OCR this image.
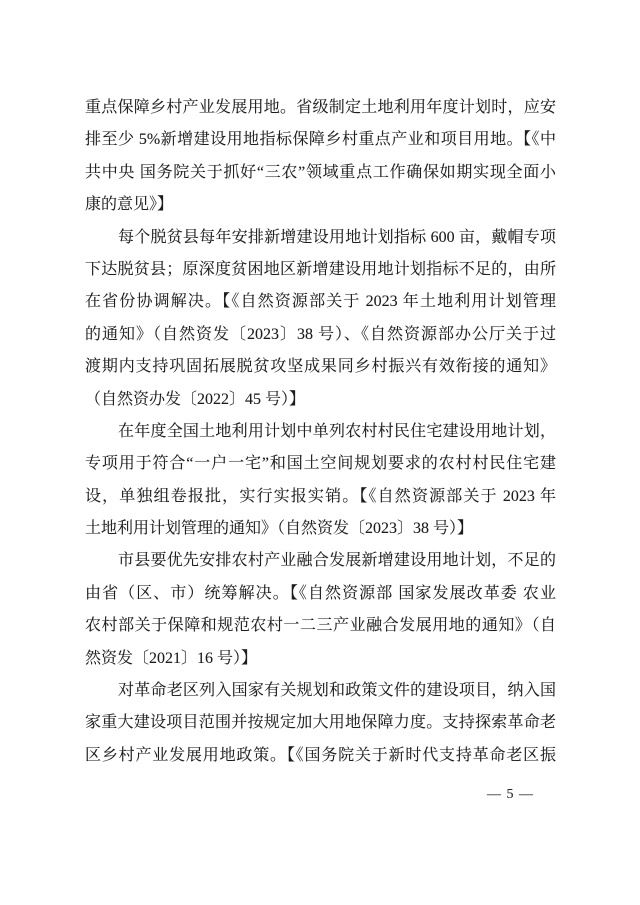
重点保障乡村产业发展用地。省级制定土地利用年度计划时，应安
排至少 5%新增建设用地指标保障乡村重点产业和项目用地。【《中
共中央 国务院关于抓好“三农”领域重点工作确保如期实现全面小
康的意见》】
每个脱贫县每年安排新增建设用地计划指标 600 亩，戴帽专项
下达脱贫县；原深度贫困地区新增建设用地计划指标不足的，由所
在省份协调解决。【《自然资源部关于 2023 年土地利用计划管理
的通知》（自然资发〔2023〕38 号）、《自然资源部办公厅关于过
渡期内支持巩固拓展脱贫攻坚成果同乡村振兴有效衔接的通知》
（自然资办发〔2022〕45 号）】
在年度全国土地利用计划中单列农村村民住宅建设用地计划，
专项用于符合“一户一宅”和国土空间规划要求的农村村民住宅建
设，单独组卷报批，实行实报实销。【《自然资源部关于 2023 年
土地利用计划管理的通知》（自然资发〔2023〕38 号）】
市县要优先安排农村产业融合发展新增建设用地计划，不足的
由省（区、市）统筹解决。【《自然资源部 国家发展改革委 农业
农村部关于保障和规范农村一二三产业融合发展用地的通知》（自
然资发〔2021〕16 号）】
对革命老区列入国家有关规划和政策文件的建设项目，纳入国
家重大建设项目范围并按规定加大用地保障力度。支持探索革命老
区乡村产业发展用地政策。【《国务院关于新时代支持革命老区振
— 5 —
